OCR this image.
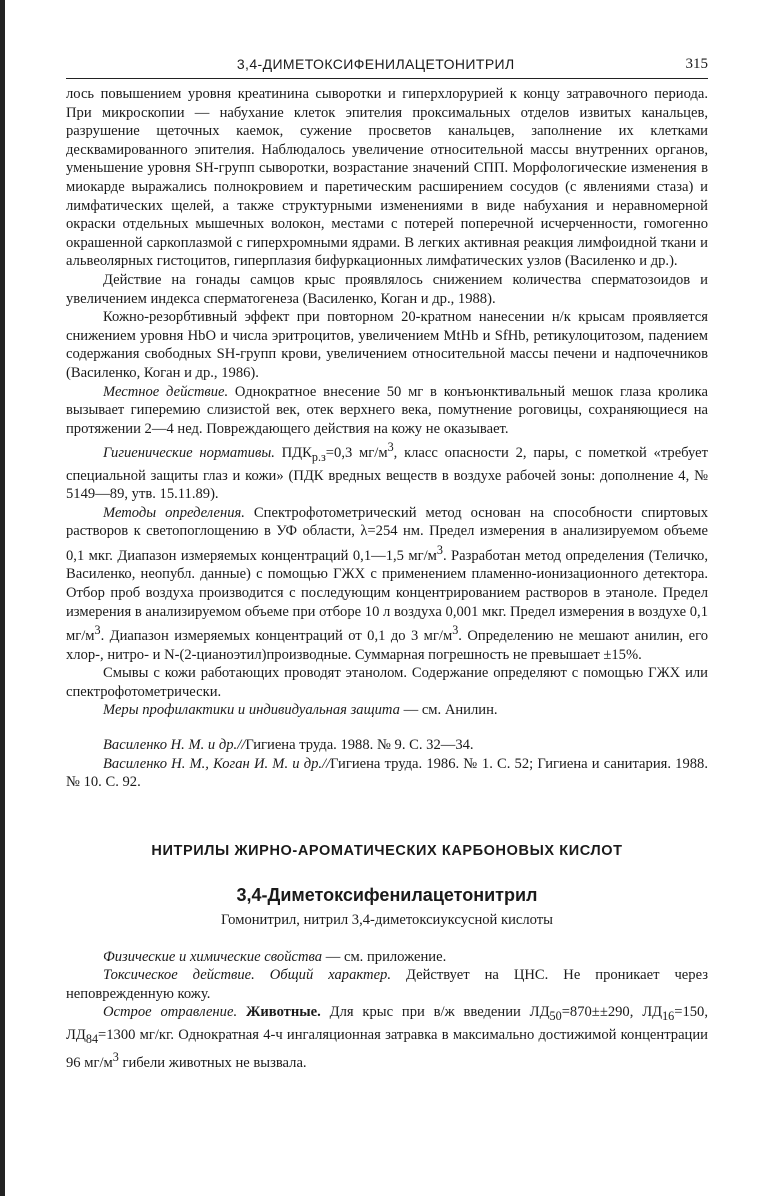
3,4-ДИМЕТОКСИФЕНИЛАЦЕТОНИТРИЛ	315

лось повышением уровня креатинина сыворотки и гиперхлорурией к концу затравочного периода. При микроскопии — набухание клеток эпителия проксимальных отделов извитых канальцев, разрушение щеточных каемок, сужение просветов канальцев, заполнение их клетками десквамированного эпителия. Наблюдалось увеличение относительной массы внутренних органов, уменьшение уровня SH-групп сыворотки, возрастание значений СПП. Морфологические изменения в миокарде выражались полнокровием и паретическим расширением сосудов (с явлениями стаза) и лимфатических щелей, а также структурными изменениями в виде набухания и неравномерной окраски отдельных мышечных волокон, местами с потерей поперечной исчерченности, гомогенно окрашенной саркоплазмой с гиперхромными ядрами. В легких активная реакция лимфоидной ткани и альвеолярных гистоцитов, гиперплазия бифуркационных лимфатических узлов (Василенко и др.).

Действие на гонады самцов крыс проявлялось снижением количества сперматозоидов и увеличением индекса сперматогенеза (Василенко, Коган и др., 1988).

Кожно-резорбтивный эффект при повторном 20-кратном нанесении н/к крысам проявляется снижением уровня HbO и числа эритроцитов, увеличением MtHb и SfHb, ретикулоцитозом, падением содержания свободных SH-групп крови, увеличением относительной массы печени и надпочечников (Василенко, Коган и др., 1986).

Местное действие. Однократное внесение 50 мг в конъюнктивальный мешок глаза кролика вызывает гиперемию слизистой век, отек верхнего века, помутнение роговицы, сохраняющиеся на протяжении 2—4 нед. Повреждающего действия на кожу не оказывает.

Гигиенические нормативы. $ПДК_{р.з}=0,3$ $мг/м^3$, класс опасности 2, пары, с пометкой «требует специальной защиты глаз и кожи» (ПДК вредных веществ в воздухе рабочей зоны: дополнение 4, № 5149—89, утв. 15.11.89).

Методы определения. Спектрофотометрический метод основан на способности спиртовых растворов к светопоглощению в УФ области, λ=254 нм. Предел измерения в анализируемом объеме 0,1 мкг. Диапазон измеряемых концентраций 0,1—1,5 $мг/м^3$. Разработан метод определения (Теличко, Василенко, неопубл. данные) с помощью ГЖХ с применением пламенно-ионизационного детектора. Отбор проб воздуха производится с последующим концентрированием растворов в этаноле. Предел измерения в анализируемом объеме при отборе 10 л воздуха 0,001 мкг. Предел измерения в воздухе 0,1 $мг/м^3$. Диапазон измеряемых концентраций от 0,1 до 3 $мг/м^3$. Определению не мешают анилин, его хлор-, нитро- и N-(2-цианоэтил)производные. Суммарная погрешность не превышает ±15%.

Смывы с кожи работающих проводят этанолом. Содержание определяют с помощью ГЖХ или спектрофотометрически.

Меры профилактики и индивидуальная защита — см. Анилин.

Василенко Н. М. и др.//Гигиена труда. 1988. № 9. С. 32—34.

Василенко Н. М., Коган И. М. и др.//Гигиена труда. 1986. № 1. С. 52; Гигиена и санитария. 1988. № 10. С. 92.

НИТРИЛЫ ЖИРНО-АРОМАТИЧЕСКИХ КАРБОНОВЫХ КИСЛОТ
3,4-Диметоксифенилацетонитрил
Гомонитрил, нитрил 3,4-диметоксиуксусной кислоты

Физические и химические свойства — см. приложение.

Токсическое действие. Общий характер. Действует на ЦНС. Не проникает через неповрежденную кожу.

Острое отравление. Животные. Для крыс при в/ж введении $ЛД_{50}=870\pm\pm 290$, $ЛД_{16}=150$, $ЛД_{84}=1300$ мг/кг. Однократная 4-ч ингаляционная затравка в максимально достижимой концентрации 96 $мг/м^3$ гибели животных не вызвала.
